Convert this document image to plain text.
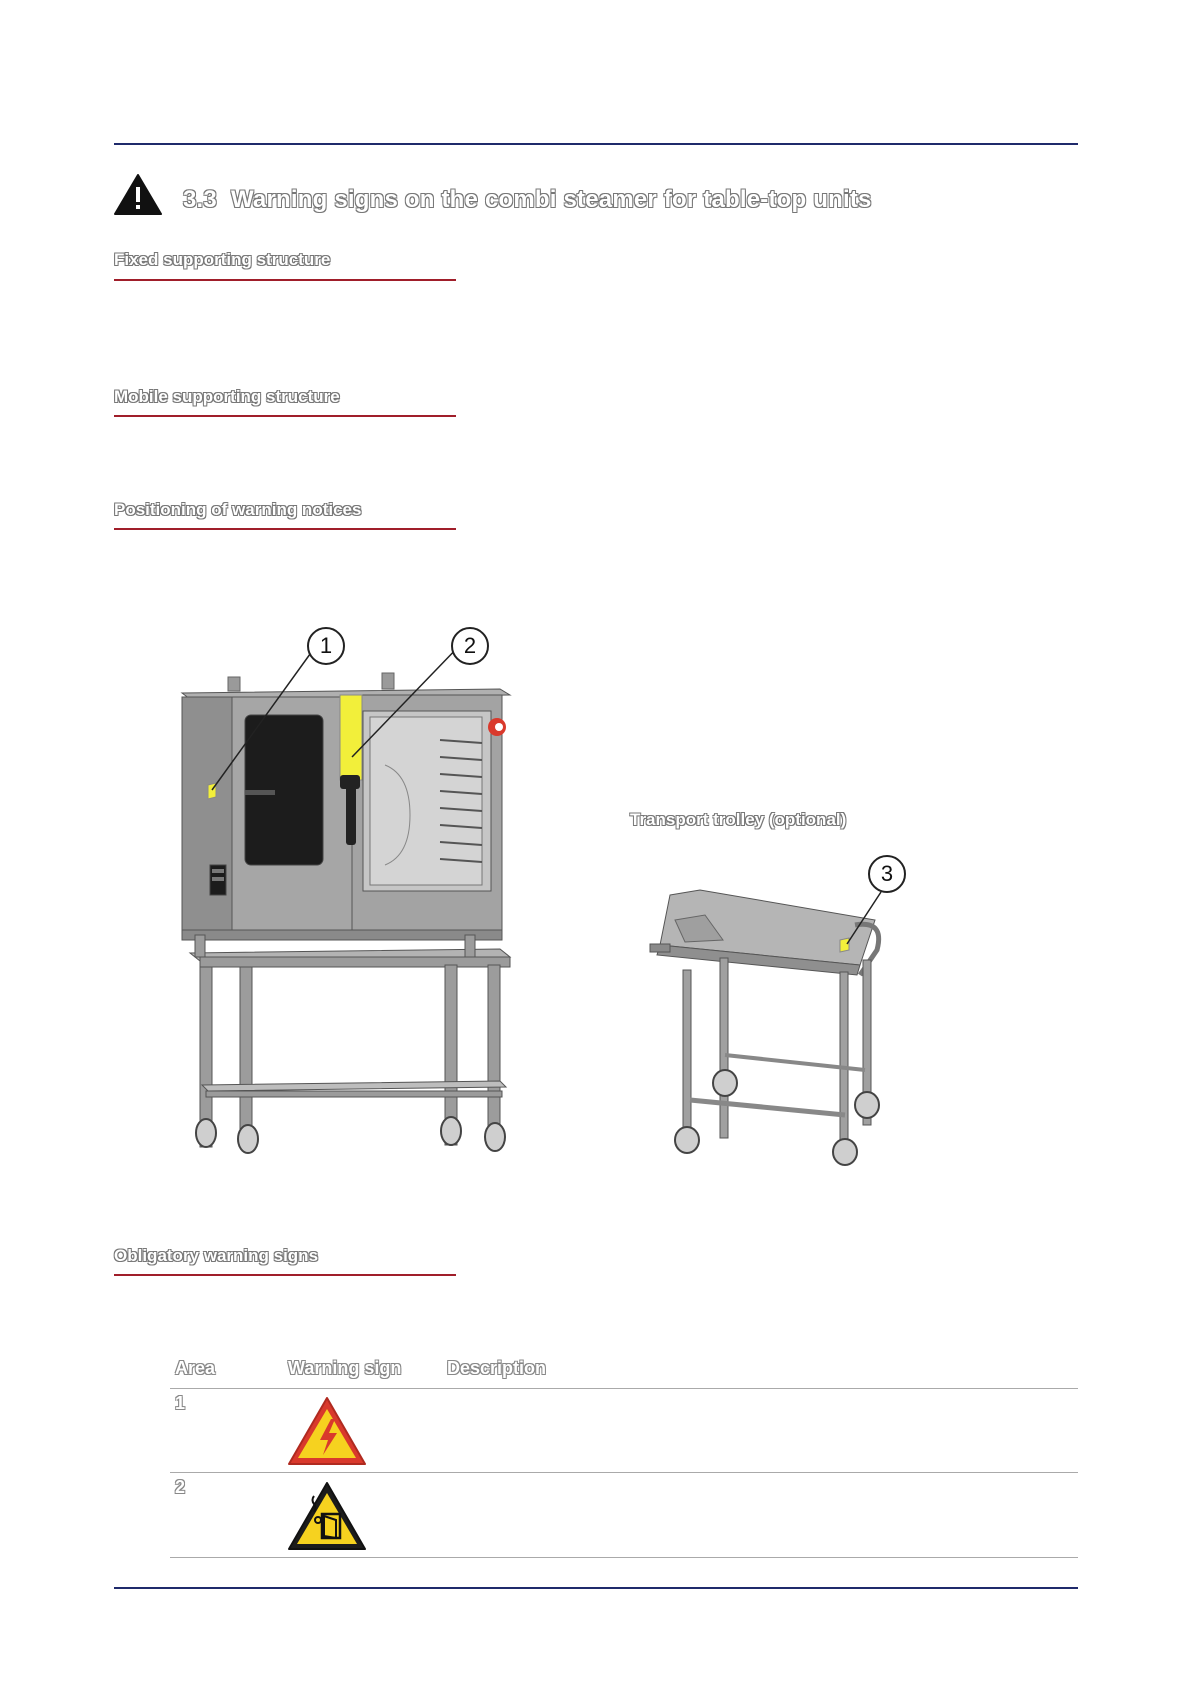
3.3 Warning signs on the combi steamer for table-top units
Fixed supporting structure
Mobile supporting structure
Positioning of warning notices
1	2
Transport trolley (optional)
3
Obligatory warning signs
Area	Warning sign	Description
1
2
